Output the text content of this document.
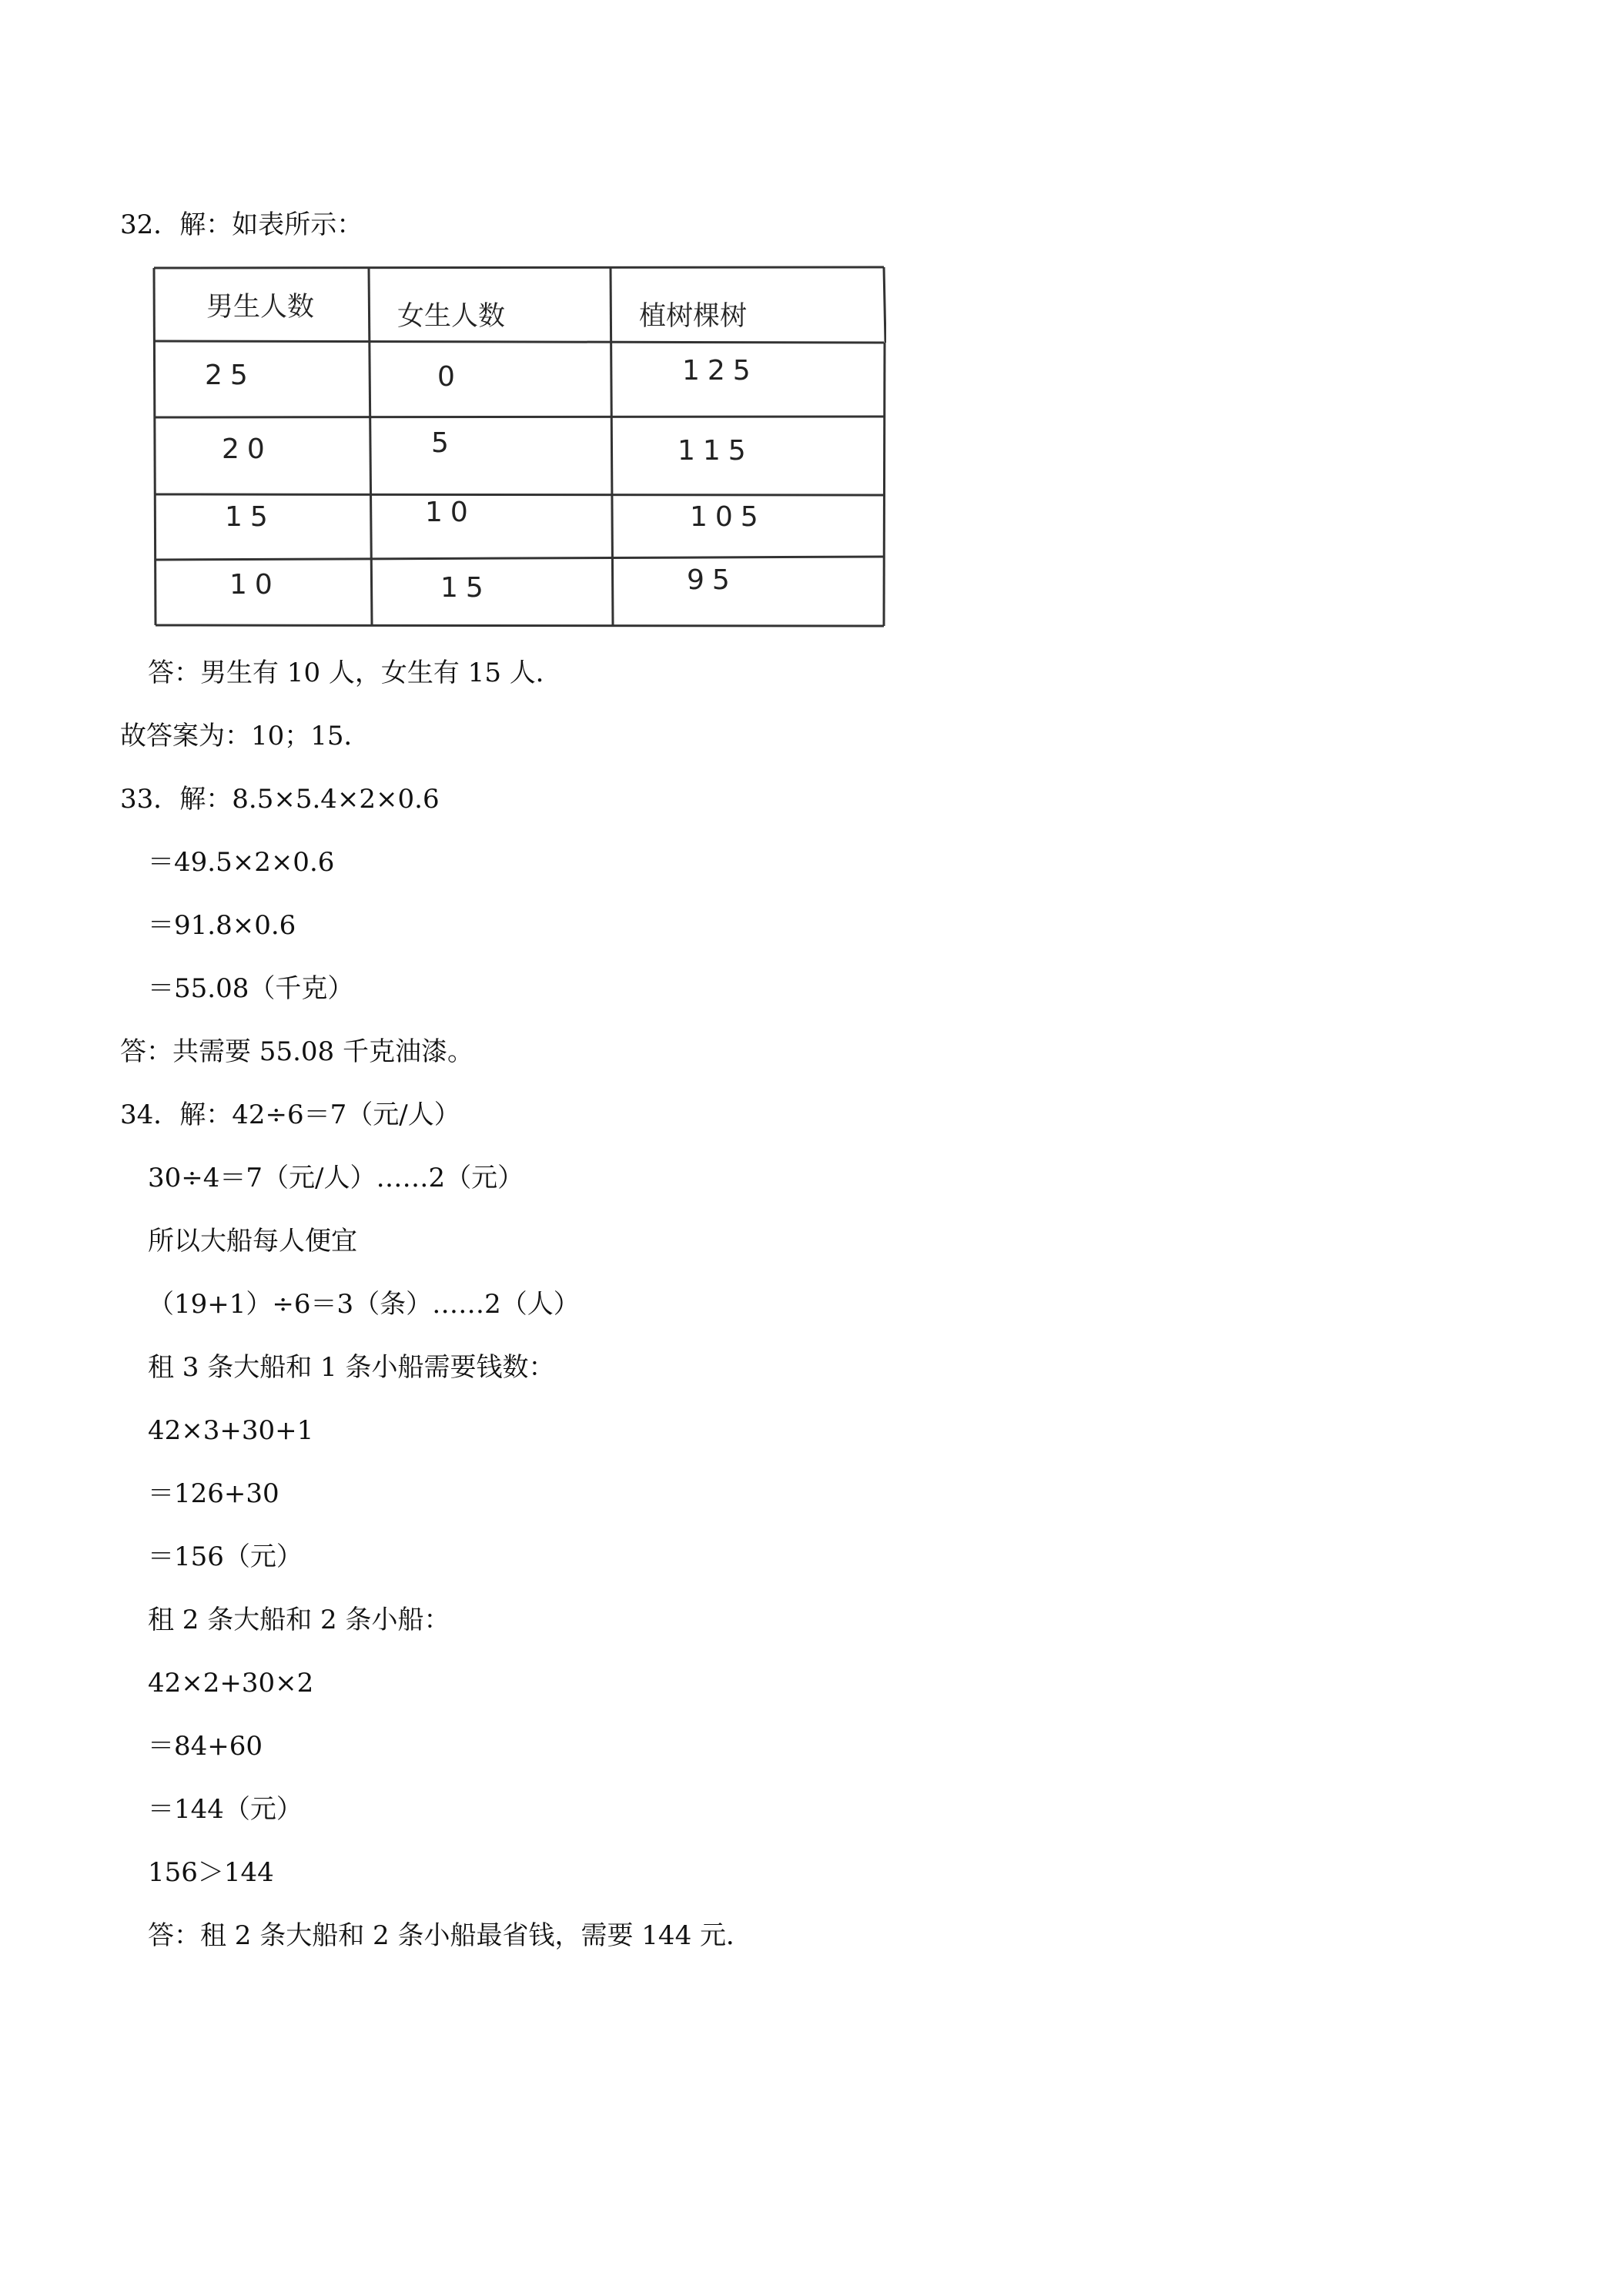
32．解：如表所示：
男生人数	女生人数	植树棵树
25	0	125
20	5	115
15	10	105
10	15	95
答：男生有 10 人，女生有 15 人．
故答案为：10；15．
33．解：8.5×5.4×2×0.6
＝49.5×2×0.6
＝91.8×0.6
＝55.08（千克）
答：共需要 55.08 千克油漆。
34．解：42÷6＝7（元/人）
30÷4＝7（元/人）……2（元）
所以大船每人便宜
（19+1）÷6＝3（条）……2（人）
租 3 条大船和 1 条小船需要钱数：
42×3+30+1
＝126+30
＝156（元）
租 2 条大船和 2 条小船：
42×2+30×2
＝84+60
＝144（元）
156＞144
答：租 2 条大船和 2 条小船最省钱，需要 144 元．
